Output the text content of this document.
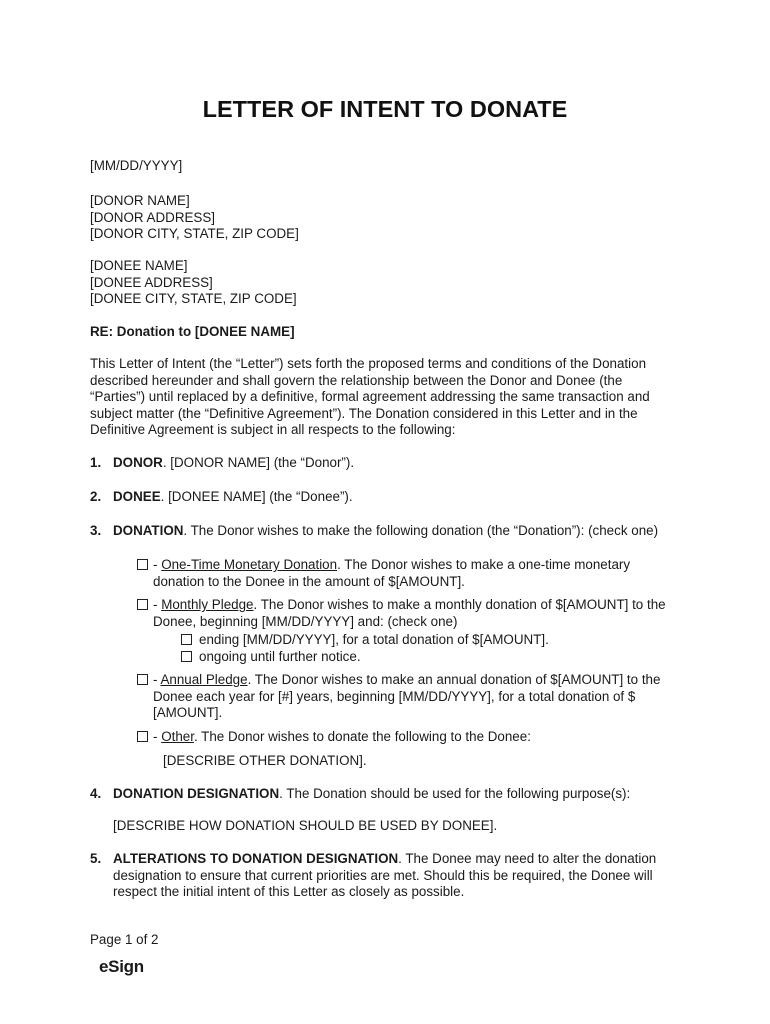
LETTER OF INTENT TO DONATE
[MM/DD/YYYY]
[DONOR NAME]
[DONOR ADDRESS]
[DONOR CITY, STATE, ZIP CODE]
[DONEE NAME]
[DONEE ADDRESS]
[DONEE CITY, STATE, ZIP CODE]
RE: Donation to [DONEE NAME]
This Letter of Intent (the “Letter”) sets forth the proposed terms and conditions of the Donation described hereunder and shall govern the relationship between the Donor and Donee (the “Parties”) until replaced by a definitive, formal agreement addressing the same transaction and subject matter (the “Definitive Agreement”). The Donation considered in this Letter and in the Definitive Agreement is subject in all respects to the following:
1. DONOR. [DONOR NAME] (the “Donor”).
2. DONEE. [DONEE NAME] (the “Donee”).
3. DONATION. The Donor wishes to make the following donation (the “Donation”): (check one)
- One-Time Monetary Donation. The Donor wishes to make a one-time monetary donation to the Donee in the amount of $[AMOUNT].
- Monthly Pledge. The Donor wishes to make a monthly donation of $[AMOUNT] to the Donee, beginning [MM/DD/YYYY] and: (check one)
ending [MM/DD/YYYY], for a total donation of $[AMOUNT].
ongoing until further notice.
- Annual Pledge. The Donor wishes to make an annual donation of $[AMOUNT] to the Donee each year for [#] years, beginning [MM/DD/YYYY], for a total donation of $ [AMOUNT].
- Other. The Donor wishes to donate the following to the Donee:
[DESCRIBE OTHER DONATION].
4. DONATION DESIGNATION. The Donation should be used for the following purpose(s):
[DESCRIBE HOW DONATION SHOULD BE USED BY DONEE].
5. ALTERATIONS TO DONATION DESIGNATION. The Donee may need to alter the donation designation to ensure that current priorities are met. Should this be required, the Donee will respect the initial intent of this Letter as closely as possible.
Page 1 of 2
eSign
